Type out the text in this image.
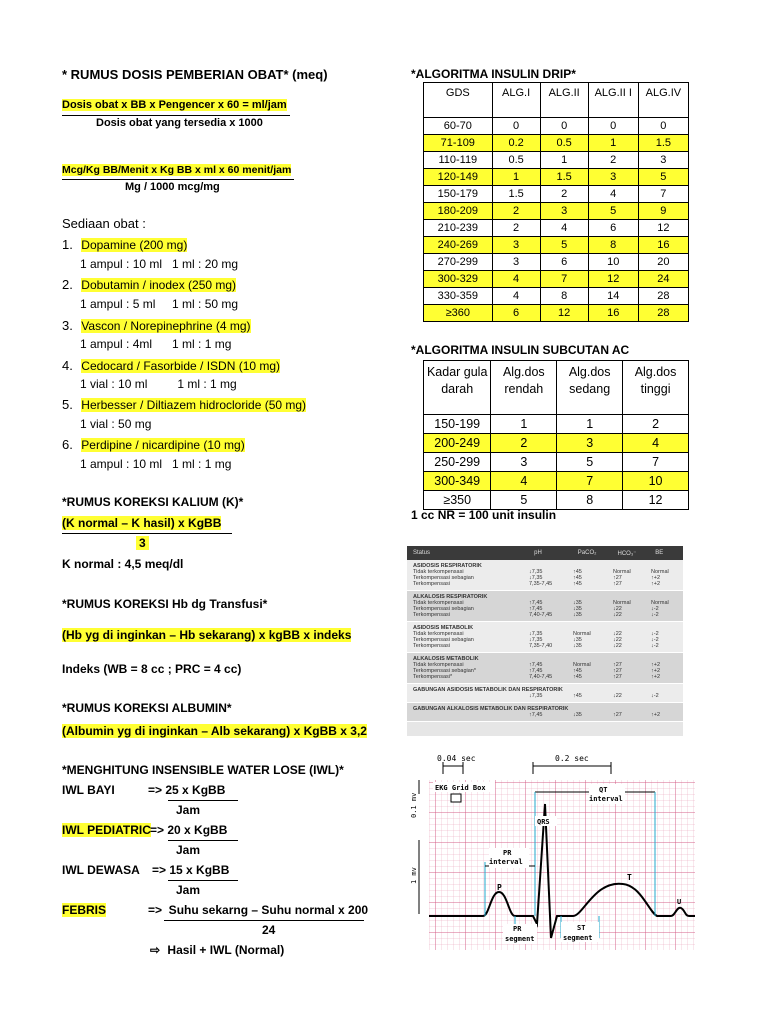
* RUMUS DOSIS PEMBERIAN OBAT* (meq)
Dosis obat x BB x Pengencer x 60 = ml/jam
Dosis obat yang tersedia x 1000
Mcg/Kg BB/Menit x Kg BB x ml x 60 menit/jam
Mg / 1000 mcg/mg
Sediaan obat :
1. Dopamine (200 mg)
1 ampul : 10 ml   1 ml : 20 mg
2. Dobutamin / inodex (250 mg)
1 ampul : 5 ml     1 ml : 50 mg
3. Vascon / Norepinephrine (4 mg)
1 ampul : 4ml      1 ml : 1 mg
4. Cedocard / Fasorbide / ISDN (10 mg)
1 vial : 10 ml         1 ml : 1 mg
5. Herbesser / Diltiazem hidrocloride (50 mg)
1 vial : 50 mg
6. Perdipine / nicardipine (10 mg)
1 ampul : 10 ml   1 ml : 1 mg
*RUMUS KOREKSI KALIUM (K)*
(K normal – K hasil) x KgBB
3
K normal : 4,5 meq/dl
*RUMUS KOREKSI Hb dg Transfusi*
(Hb yg di inginkan – Hb sekarang) x kgBB x indeks
Indeks (WB = 8 cc ; PRC = 4 cc)
*RUMUS KOREKSI ALBUMIN*
(Albumin yg di inginkan – Alb sekarang) x KgBB x 3,2
*MENGHITUNG INSENSIBLE WATER LOSE (IWL)*
IWL BAYI	=> 25 x KgBB
Jam
IWL PEDIATRIC => 20 x KgBB
Jam
IWL DEWASA => 15 x KgBB
Jam
FEBRIS	=>  Suhu sekarng – Suhu normal x 200
24
⇨ Hasil + IWL (Normal)
*ALGORITMA INSULIN DRIP*
GDS	ALG.I	ALG.II	ALG.II I	ALG.IV
60-70	0	0	0	0
71-109	0.2	0.5	1	1.5
110-119	0.5	1	2	3
120-149	1	1.5	3	5
150-179	1.5	2	4	7
180-209	2	3	5	9
210-239	2	4	6	12
240-269	3	5	8	16
270-299	3	6	10	20
300-329	4	7	12	24
330-359	4	8	14	28
≥360	6	12	16	28
*ALGORITMA INSULIN SUBCUTAN AC
Kadar gula darah	Alg.dos rendah	Alg.dos sedang	Alg.dos tinggi
150-199	1	1	2
200-249	2	3	4
250-299	3	5	7
300-349	4	7	10
≥350	5	8	12
1 cc NR = 100 unit insulin
Status	pH	PaCO₂	HCO₃⁻	BE
ASIDOSIS RESPIRATORIK
Tidak terkompensasi	↓7,35	↑45	Normal	Normal
Terkompensasi sebagian	↓7,35	↑45	↑27	↑+2
Terkompensasi	7,35-7,45	↑45	↑27	↑+2
ALKALOSIS RESPIRATORIK
Tidak terkompensasi	↑7,45	↓35	Normal	Normal
Terkompensasi sebagian	↑7,45	↓35	↓22	↓-2
Terkompensasi	7,40-7,45	↓35	↓22	↓-2
ASIDOSIS METABOLIK
Tidak terkompensasi	↓7,35	Normal	↓22	↓-2
Terkompensasi sebagian	↓7,35	↓35	↓22	↓-2
Terkompensasi	7,35-7,40	↓35	↓22	↓-2
ALKALOSIS METABOLIK
Tidak terkompensasi	↑7,45	Normal	↑27	↑+2
Terkompensasi sebagian*	↑7,45	↑45	↑27	↑+2
Terkompensasi*	7,40-7,45	↑45	↑27	↑+2
GABUNGAN ASIDOSIS METABOLIK DAN RESPIRATORIK
↓7,35	↑45	↓22	↓-2
GABUNGAN ALKALOSIS METABOLIK DAN RESPIRATORIK
↑7,45	↓35	↑27	↑+2
0.04 sec	0.2 sec
0.1 mv
1 mv
EKG Grid Box	QT
interval
QRS
PR
interval
P
T
U
PR
segment
ST
segment
